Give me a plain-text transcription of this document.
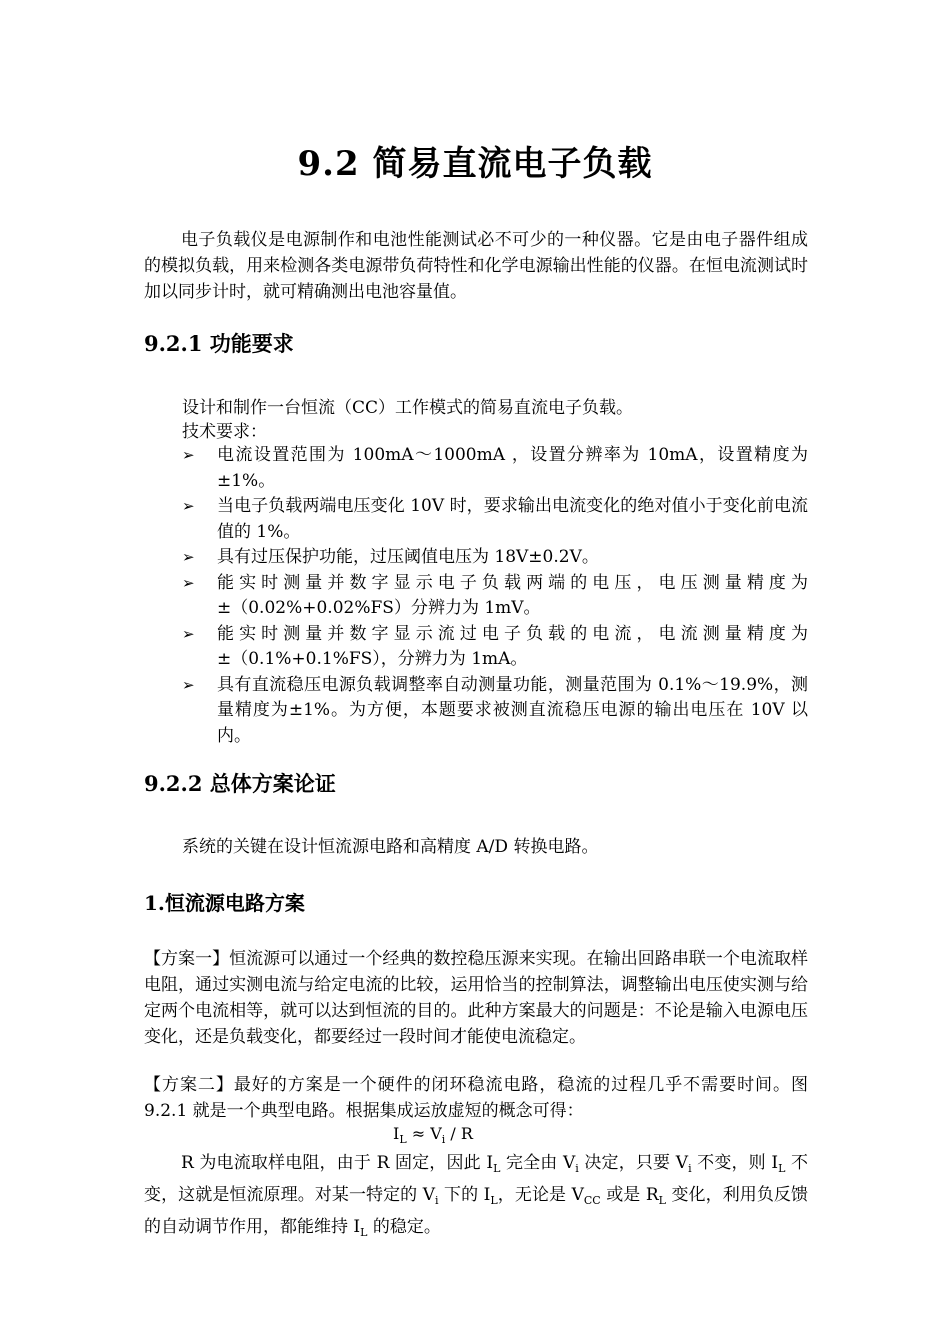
9.2 简易直流电子负载
电子负载仪是电源制作和电池性能测试必不可少的一种仪器。它是由电子器件组成的模拟负载，用来检测各类电源带负荷特性和化学电源输出性能的仪器。在恒电流测试时加以同步计时，就可精确测出电池容量值。
9.2.1 功能要求
设计和制作一台恒流（CC）工作模式的简易直流电子负载。
技术要求：
➢ 电流设置范围为 100mA～1000mA ，设置分辨率为 10mA，设置精度为±1%。
➢ 当电子负载两端电压变化 10V 时，要求输出电流变化的绝对值小于变化前电流值的 1%。
➢ 具有过压保护功能，过压阈值电压为 18V±0.2V。
➢ 能实时测量并数字显示电子负载两端的电压，电压测量精度为±（0.02%+0.02%FS）分辨力为 1mV。
➢ 能实时测量并数字显示流过电子负载的电流，电流测量精度为±（0.1%+0.1%FS），分辨力为 1mA。
➢ 具有直流稳压电源负载调整率自动测量功能，测量范围为 0.1%～19.9%，测量精度为±1%。为方便，本题要求被测直流稳压电源的输出电压在 10V 以内。
9.2.2 总体方案论证
系统的关键在设计恒流源电路和高精度 A/D 转换电路。
1.恒流源电路方案
【方案一】恒流源可以通过一个经典的数控稳压源来实现。在输出回路串联一个电流取样电阻，通过实测电流与给定电流的比较，运用恰当的控制算法，调整输出电压使实测与给定两个电流相等，就可以达到恒流的目的。此种方案最大的问题是：不论是输入电源电压变化，还是负载变化，都要经过一段时间才能使电流稳定。
【方案二】最好的方案是一个硬件的闭环稳流电路，稳流的过程几乎不需要时间。图 9.2.1 就是一个典型电路。根据集成运放虚短的概念可得：
$I_L \approx V_i / R$
R 为电流取样电阻，由于 R 固定，因此 $I_L$ 完全由 $V_i$ 决定，只要 $V_i$ 不变，则 $I_L$ 不变，这就是恒流原理。对某一特定的 $V_i$ 下的 $I_L$，无论是 $V_{CC}$ 或是 $R_L$ 变化，利用负反馈的自动调节作用，都能维持 $I_L$ 的稳定。
